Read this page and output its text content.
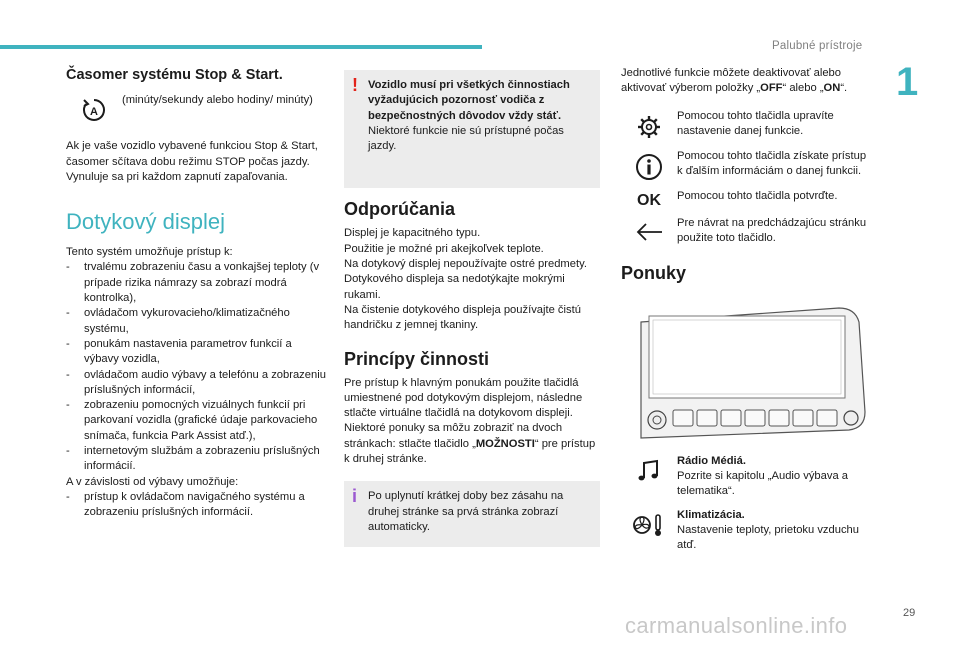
Palubné prístroje
1
Časomer systému Stop & Start.
A
(minúty/sekundy alebo hodiny/ minúty)

Ak je vaše vozidlo vybavené funkciou Stop & Start, časomer sčítava dobu režimu STOP počas jazdy.

Vynuluje sa pri každom zapnutí zapaľovania.

Dotykový displej

Tento systém umožňuje prístup k:

- trvalému zobrazeniu času a vonkajšej teploty (v prípade rizika námrazy sa zobrazí modrá kontrolka),
- ovládačom vykurovacieho/klimatizačného systému,
- ponukám nastavenia parametrov funkcií a výbavy vozidla,
- ovládačom audio výbavy a telefónu a zobrazeniu príslušných informácií,
- zobrazeniu pomocných vizuálnych funkcií pri parkovaní vozidla (grafické údaje parkovacieho snímača, funkcia Park Assist atď.),
- internetovým službám a zobrazeniu príslušných informácií.

A v závislosti od výbavy umožňuje:

- prístup k ovládačom navigačného systému a zobrazeniu príslušných informácií.
! Vozidlo musí pri všetkých činnostiach vyžadujúcich pozornosť vodiča z bezpečnostných dôvodov vždy stáť.

Niektoré funkcie nie sú prístupné počas jazdy.

Odporúčania

Displej je kapacitného typu.

Použitie je možné pri akejkoľvek teplote.

Na dotykový displej nepoužívajte ostré predmety.

Dotykového displeja sa nedotýkajte mokrými rukami.

Na čistenie dotykového displeja používajte čistú handričku z jemnej tkaniny.

Princípy činnosti

Pre prístup k hlavným ponukám použite tlačidlá umiestnené pod dotykovým displejom, následne stlačte virtuálne tlačidlá na dotykovom displeji.

Niektoré ponuky sa môžu zobraziť na dvoch stránkach: stlačte tlačidlo „MOŽNOSTI“ pre prístup k druhej stránke.

i Po uplynutí krátkej doby bez zásahu na druhej stránke sa prvá stránka zobrazí automaticky.

Jednotlivé funkcie môžete deaktivovať alebo aktivovať výberom položky „OFF“ alebo „ON“.

Pomocou tohto tlačidla upravíte nastavenie danej funkcie.
Pomocou tohto tlačidla získate prístup k ďalším informáciám o danej funkcii.
OK Pomocou tohto tlačidla potvrďte.
Pre návrat na predchádzajúcu stránku použite toto tlačidlo.
Ponuky

Rádio Médiá.

Pozrite si kapitolu „Audio výbava a telematika“.

Klimatizácia.

Nastavenie teploty, prietoku vzduchu atď.

29
carmanualsonline.info
